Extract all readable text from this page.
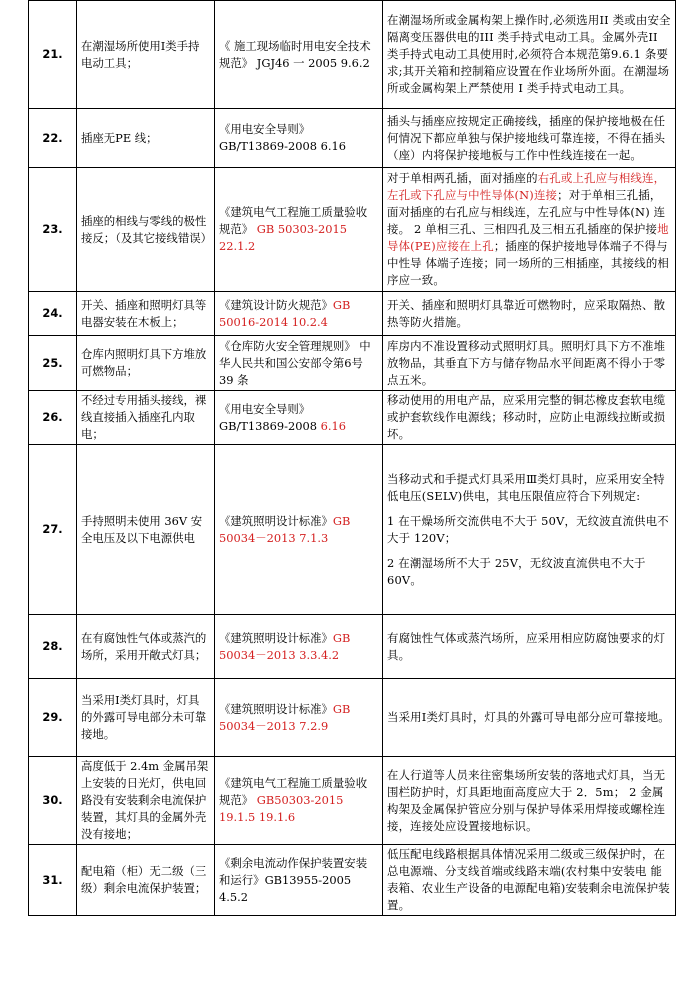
21.	在潮湿场所使用Ⅰ类手持电动工具；	《 施工现场临时用电安全技术规范》 JGJ46 一 2005 9.6.2	在潮湿场所或金属构架上操作时,必须选用II 类或由安全隔离变压器供电的III 类手持式电动工具。金属外壳II 类手持式电动工具使用时,必须符合本规范第9.6.1 条要求;其开关箱和控制箱应设置在作业场所外面。在潮湿场所或金属构架上严禁使用 I 类手持式电动工具。
22.	插座无PE 线；	《用电安全导则》 GB/T13869-2008 6.16	插头与插座应按规定正确接线，插座的保护接地极在任何情况下都应单独与保护接地线可靠连接，不得在插头（座）内将保护接地板与工作中性线连接在一起。
23.	插座的相线与零线的极性接反；（及其它接线错误）	《建筑电气工程施工质量验收规范》 GB 50303-2015 22.1.2	对于单相两孔插，面对插座的右孔或上孔应与相线连，左孔或下孔应与中性导体(N)连接；对于单相三孔插，　面对插座的右孔应与相线连，左孔应与中性导体(N) 连接。 2 单相三孔、三相四孔及三相五孔插座的保护接地导体(PE)应接在上孔；插座的保护接地导体端子不得与中性导 体端子连接；同一场所的三相插座，其接线的相序应一致。
24.	开关、插座和照明灯具等电器安装在木板上；	《建筑设计防火规范》GB 50016-2014 10.2.4	开关、插座和照明灯具靠近可燃物时，应采取隔热、散热等防火措施。
25.	仓库内照明灯具下方堆放可燃物品；	《仓库防火安全管理规则》 中华人民共和国公安部令第6号 39 条	库房内不准设置移动式照明灯具。照明灯具下方不准堆放物品，其垂直下方与储存物品水平间距离不得小于零点五米。
26.	不经过专用插头接线，裸线直接插入插座孔内取电；	《用电安全导则》 GB/T13869-2008 6.16	移动使用的用电产品，应采用完整的铜芯橡皮套软电缆或护套软线作电源线；移动时，应防止电源线拉断或损坏。
27.	手持照明未使用 36V 安全电压及以下电源供电	《建筑照明设计标准》GB 50034－2013 7.1.3	当移动式和手提式灯具采用Ⅲ类灯具时，应采用安全特低电压(SELV)供电，其电压限值应符合下列规定:
1 在干燥场所交流供电不大于 50V，无纹波直流供电不大于 120V；
2 在潮湿场所不大于 25V，无纹波直流供电不大于60V。

28.	在有腐蚀性气体或蒸汽的场所，采用开敞式灯具；	《建筑照明设计标准》GB 50034－2013 3.3.4.2	有腐蚀性气体或蒸汽场所，应采用相应防腐蚀要求的灯具。
29.	当采用Ⅰ类灯具时，灯具的外露可导电部分未可靠接地。	《建筑照明设计标准》GB 50034－2013 7.2.9	当采用Ⅰ类灯具时，灯具的外露可导电部分应可靠接地。
30.	高度低于 2.4m 金属吊架上安装的日光灯，供电回路没有安装剩余电流保护装置，其灯具的金属外壳没有接地；	《建筑电气工程施工质量验收规范》 GB50303-2015 19.1.5 19.1.6	在人行道等人员来往密集场所安装的落地式灯具，当无围栏防护时，灯具距地面高度应大于 2．5m； 2 金属构架及金属保护管应分别与保护导体采用焊接或螺栓连接，连接处应设置接地标识。
31.	配电箱（柜）无二级（三级）剩余电流保护装置；	《剩余电流动作保护装置安装和运行》GB13955-2005 4.5.2	低压配电线路根据具体情况采用二级或三级保护时，在总电源端、分支线首端或线路末端(农村集中安装电 能表箱、农业生产设备的电源配电箱)安装剩余电流保护装置。
